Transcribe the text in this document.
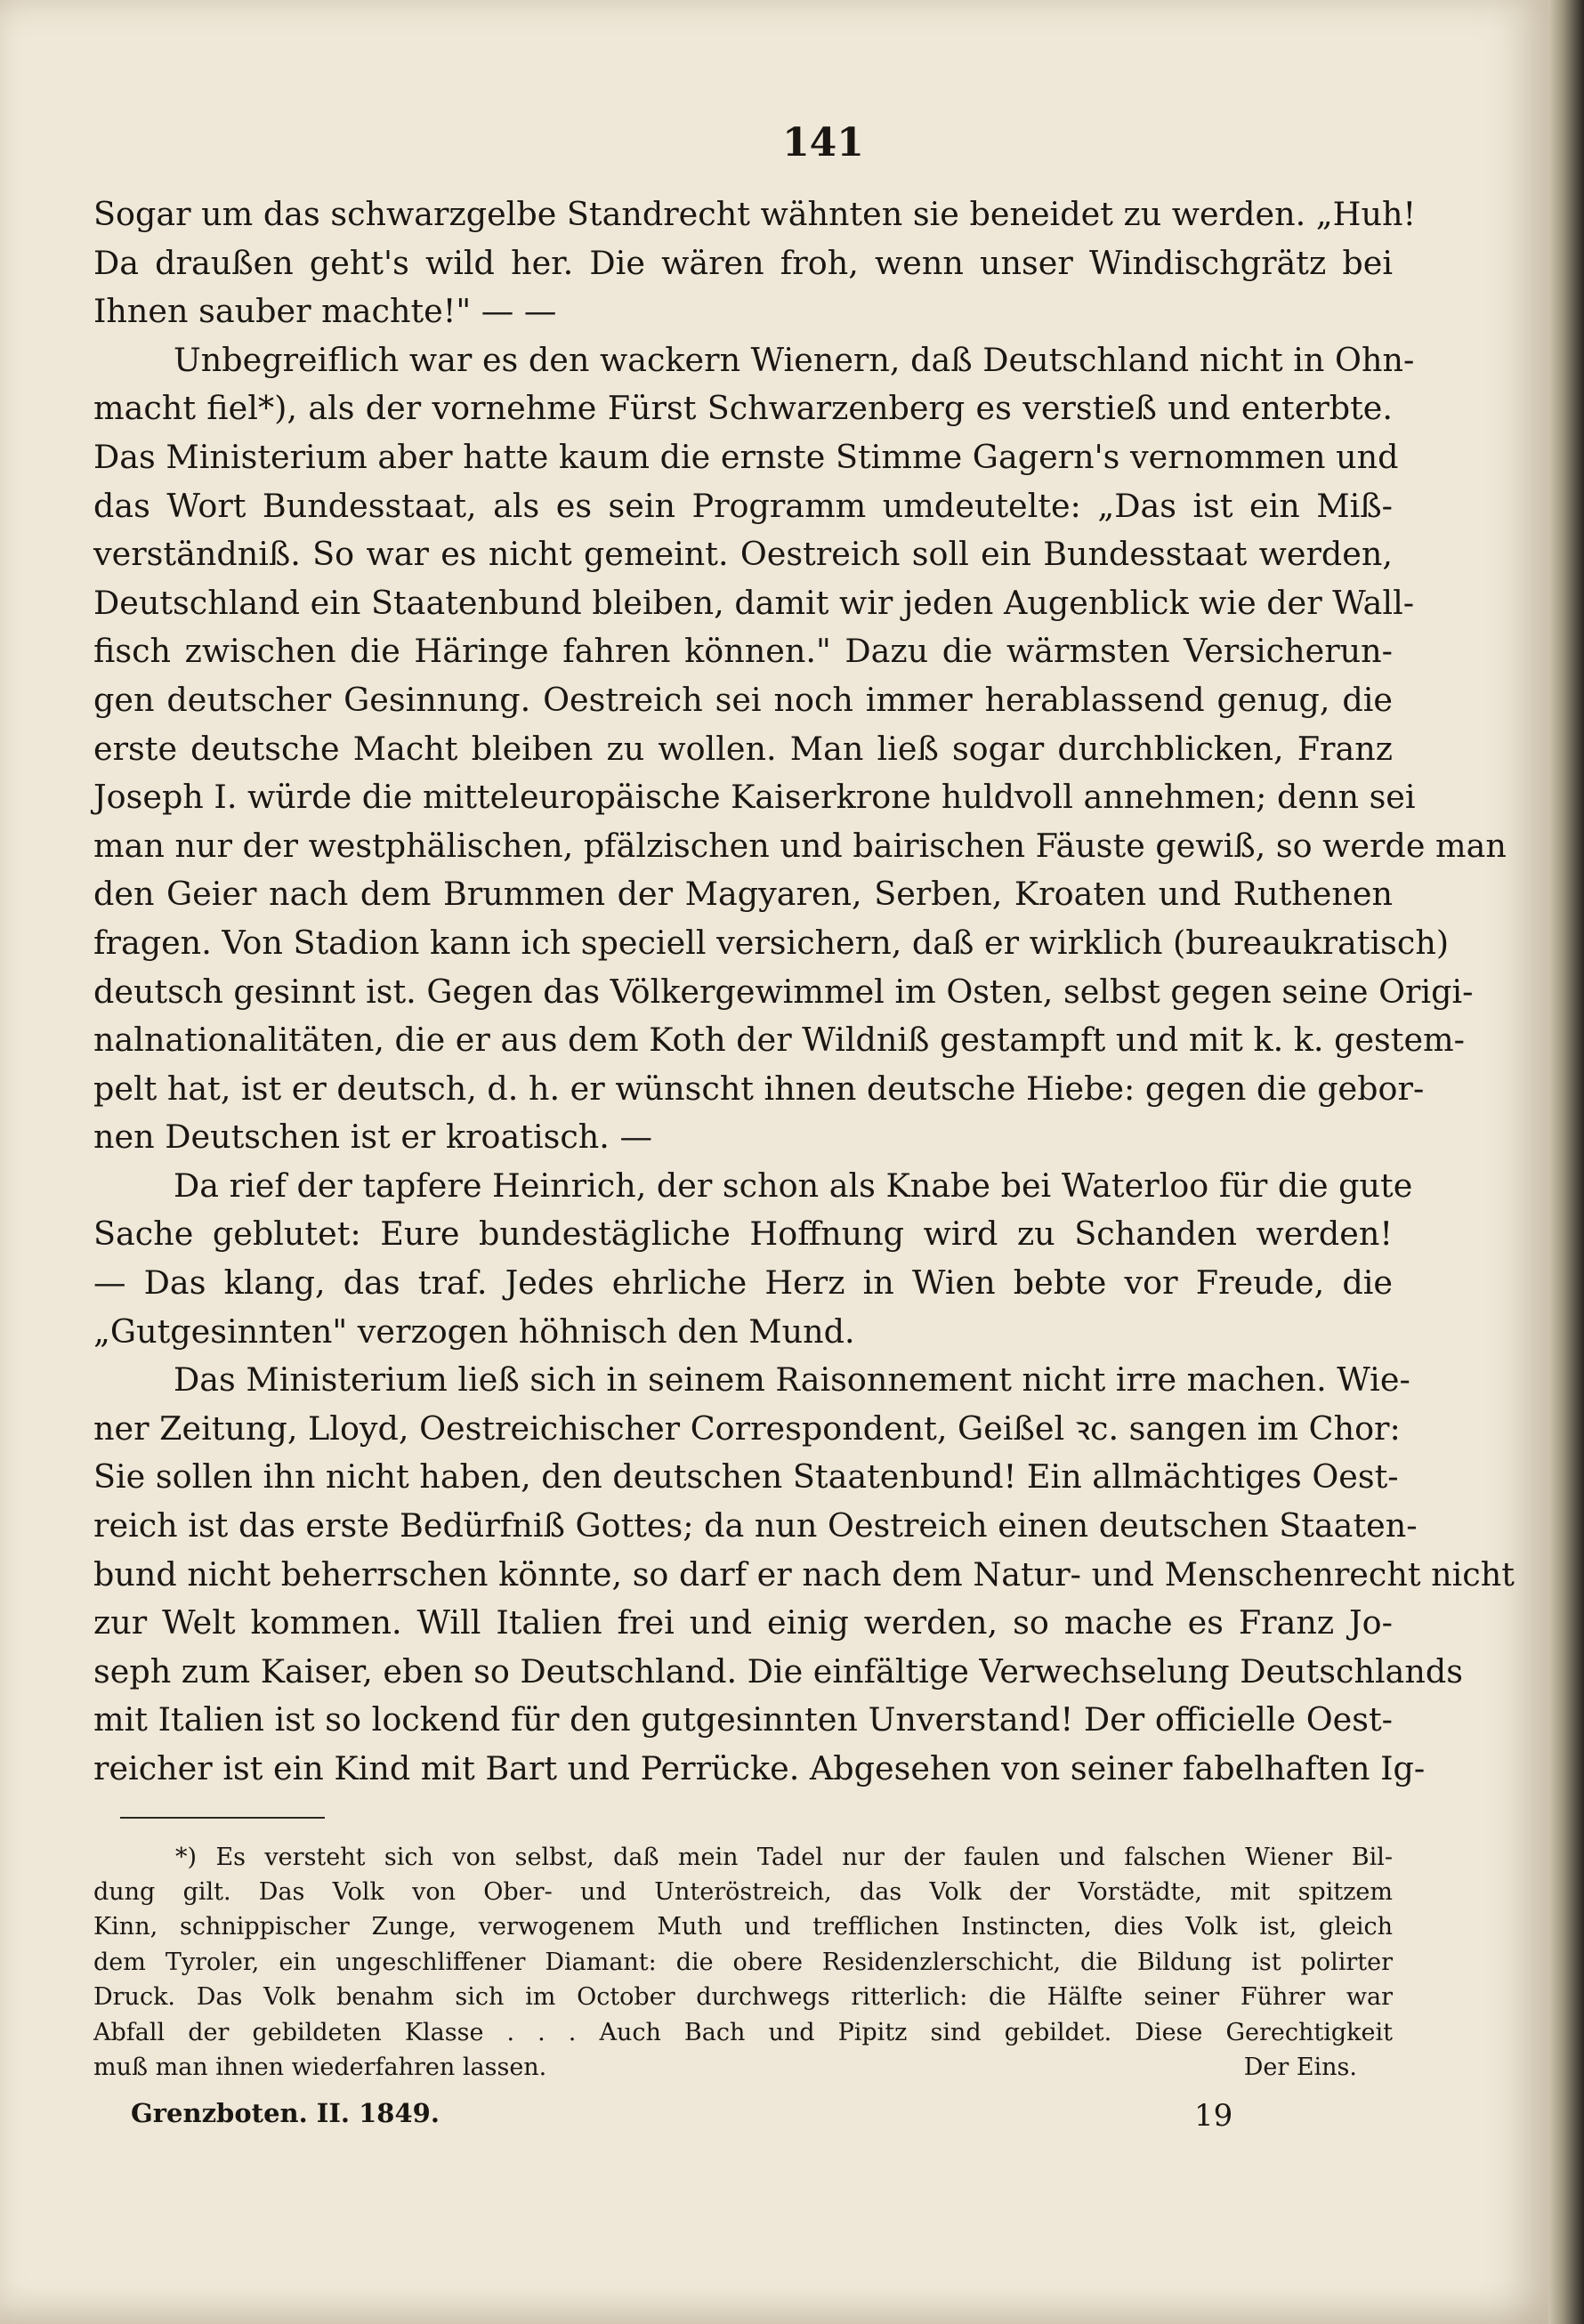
141
Sogar um das schwarzgelbe Standrecht wähnten sie beneidet zu werden. „Huh!
Da draußen geht's wild her. Die wären froh, wenn unser Windischgrätz bei
Ihnen sauber machte!" — —
Unbegreiflich war es den wackern Wienern, daß Deutschland nicht in Ohn-
macht fiel*), als der vornehme Fürst Schwarzenberg es verstieß und enterbte.
Das Ministerium aber hatte kaum die ernste Stimme Gagern's vernommen und
das Wort Bundesstaat, als es sein Programm umdeutelte: „Das ist ein Miß-
verständniß. So war es nicht gemeint. Oestreich soll ein Bundesstaat werden,
Deutschland ein Staatenbund bleiben, damit wir jeden Augenblick wie der Wall-
fisch zwischen die Häringe fahren können." Dazu die wärmsten Versicherun-
gen deutscher Gesinnung. Oestreich sei noch immer herablassend genug, die
erste deutsche Macht bleiben zu wollen. Man ließ sogar durchblicken, Franz
Joseph I. würde die mitteleuropäische Kaiserkrone huldvoll annehmen; denn sei
man nur der westphälischen, pfälzischen und bairischen Fäuste gewiß, so werde man
den Geier nach dem Brummen der Magyaren, Serben, Kroaten und Ruthenen
fragen. Von Stadion kann ich speciell versichern, daß er wirklich (bureaukratisch)
deutsch gesinnt ist. Gegen das Völkergewimmel im Osten, selbst gegen seine Origi-
nalnationalitäten, die er aus dem Koth der Wildniß gestampft und mit k. k. gestem-
pelt hat, ist er deutsch, d. h. er wünscht ihnen deutsche Hiebe: gegen die gebor-
nen Deutschen ist er kroatisch. —
Da rief der tapfere Heinrich, der schon als Knabe bei Waterloo für die gute
Sache geblutet: Eure bundestägliche Hoffnung wird zu Schanden werden!
— Das klang, das traf. Jedes ehrliche Herz in Wien bebte vor Freude, die
„Gutgesinnten" verzogen höhnisch den Mund.
Das Ministerium ließ sich in seinem Raisonnement nicht irre machen. Wie-
ner Zeitung, Lloyd, Oestreichischer Correspondent, Geißel ꝛc. sangen im Chor:
Sie sollen ihn nicht haben, den deutschen Staatenbund! Ein allmächtiges Oest-
reich ist das erste Bedürfniß Gottes; da nun Oestreich einen deutschen Staaten-
bund nicht beherrschen könnte, so darf er nach dem Natur- und Menschenrecht nicht
zur Welt kommen. Will Italien frei und einig werden, so mache es Franz Jo-
seph zum Kaiser, eben so Deutschland. Die einfältige Verwechselung Deutschlands
mit Italien ist so lockend für den gutgesinnten Unverstand! Der officielle Oest-
reicher ist ein Kind mit Bart und Perrücke. Abgesehen von seiner fabelhaften Ig-
*) Es versteht sich von selbst, daß mein Tadel nur der faulen und falschen Wiener Bil-
dung gilt. Das Volk von Ober- und Unteröstreich, das Volk der Vorstädte, mit spitzem
Kinn, schnippischer Zunge, verwogenem Muth und trefflichen Instincten, dies Volk ist, gleich
dem Tyroler, ein ungeschliffener Diamant: die obere Residenzlerschicht, die Bildung ist polirter
Druck. Das Volk benahm sich im October durchwegs ritterlich: die Hälfte seiner Führer war
Abfall der gebildeten Klasse . . . Auch Bach und Pipitz sind gebildet. Diese Gerechtigkeit
muß man ihnen wiederfahren lassen.	Der Eins.
Grenzboten. II. 1849.	19
